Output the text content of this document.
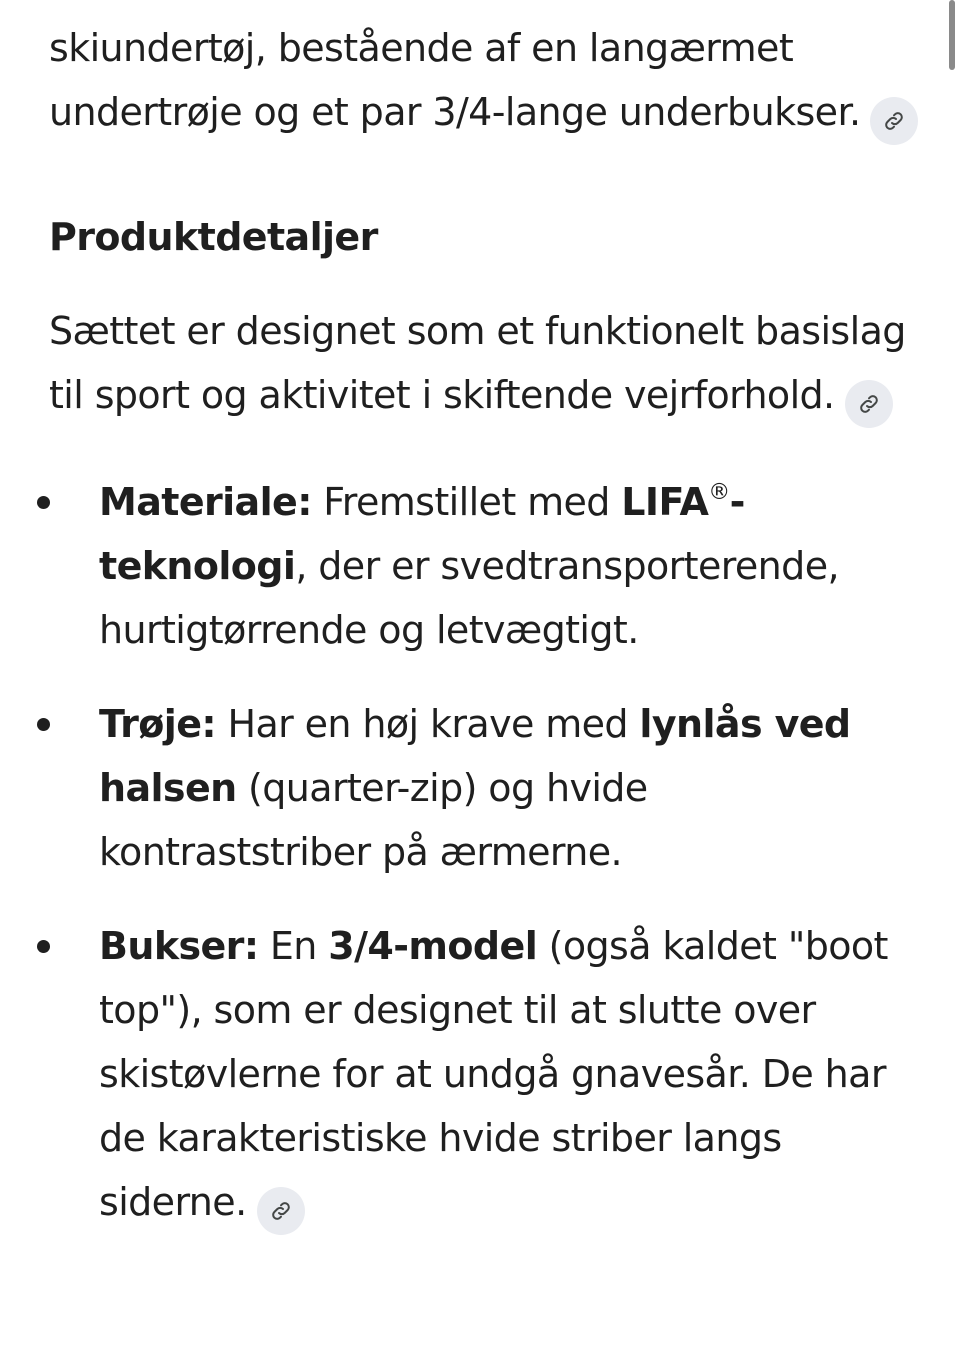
skiundertøj, bestående af en langærmet undertrøje og et par 3/4-lange underbukser.

Produktdetaljer

Sættet er designet som et funktionelt basislag til sport og aktivitet i skiftende vejrforhold.

Materiale: Fremstillet med LIFA®-teknologi, der er svedtransporterende, hurtigtørrende og letvægtigt.
Trøje: Har en høj krave med lynlås ved halsen (quarter-zip) og hvide kontraststriber på ærmerne.
Bukser: En 3/4-model (også kaldet "boot top"), som er designet til at slutte over skistøvlerne for at undgå gnavesår. De har de karakteristiske hvide striber langs siderne.
